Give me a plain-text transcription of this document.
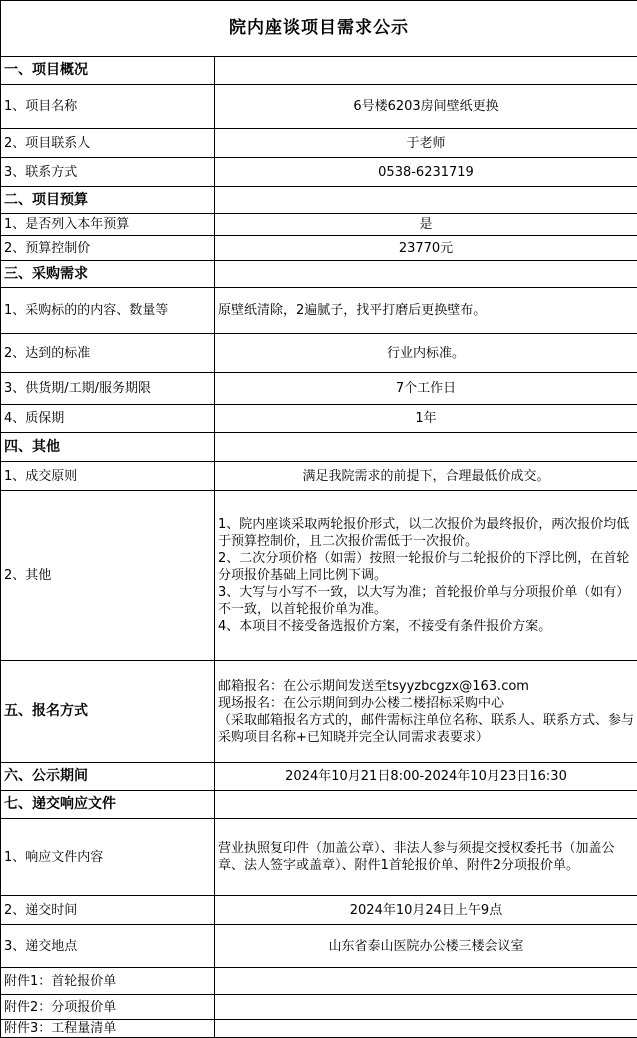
院内座谈项目需求公示	
一、项目概况	
1、项目名称	6号楼6203房间壁纸更换
2、项目联系人	于老师
3、联系方式	0538-6231719
二、项目预算	
1、是否列入本年预算	是
2、预算控制价	23770元
三、采购需求	
1、采购标的的内容、数量等	原壁纸清除，2遍腻子，找平打磨后更换壁布。
2、达到的标准	行业内标准。
3、供货期/工期/服务期限	7个工作日
4、质保期	1年
四、其他	
1、成交原则	满足我院需求的前提下，合理最低价成交。
2、其他	1、院内座谈采取两轮报价形式，以二次报价为最终报价，两次报价均低于预算控制价，且二次报价需低于一次报价。
2、二次分项价格（如需）按照一轮报价与二轮报价的下浮比例，在首轮分项报价基础上同比例下调。
3、大写与小写不一致，以大写为准；首轮报价单与分项报价单（如有）不一致，以首轮报价单为准。
4、本项目不接受备选报价方案，不接受有条件报价方案。

五、报名方式	邮箱报名：在公示期间发送至tsyyzbcgzx@163.com
现场报名：在公示期间到办公楼二楼招标采购中心
（采取邮箱报名方式的，邮件需标注单位名称、联系人、联系方式、参与采购项目名称+已知晓并完全认同需求表要求）

六、公示期间	2024年10月21日8:00-2024年10月23日16:30
七、递交响应文件	
1、响应文件内容	营业执照复印件（加盖公章）、非法人参与须提交授权委托书（加盖公章、法人签字或盖章）、附件1首轮报价单、附件2分项报价单。
2、递交时间	2024年10月24日上午9点
3、递交地点	山东省泰山医院办公楼三楼会议室
附件1：首轮报价单	
附件2：分项报价单	
附件3：工程量清单	
